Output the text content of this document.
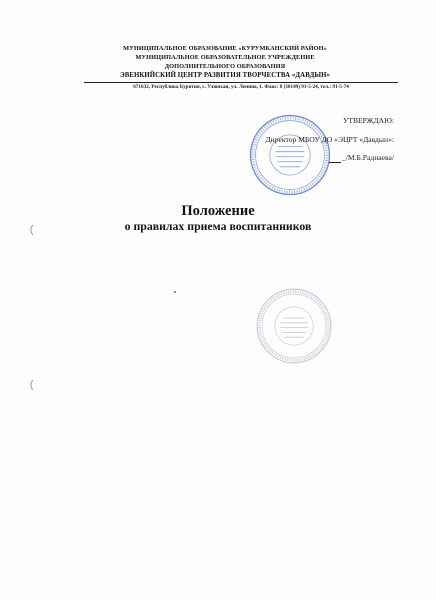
МУНИЦИПАЛЬНОЕ ОБРАЗОВАНИЕ «КУРУМКАНСКИЙ РАЙОН»
МУНИЦИПАЛЬНОЕ ОБРАЗОВАТЕЛЬНОЕ УЧРЕЖДЕНИЕ
ДОПОЛНИТЕЛЬНОГО ОБРАЗОВАНИЯ
ЭВЕНКИЙСКИЙ ЦЕНТР РАЗВИТИЯ ТВОРЧЕСТВА «ДАВДЫН»
671632, Республика Бурятия, с. Улюнхан, ул. Ленина, 1. Факс: 8 (30149) 91-5-24, тел.: 91-5-74
УТВЕРЖДАЮ:
Директор МБОУ ДО «ЭЦРТ «Давдын»:
_/М.Б.Раднаева/
Положение
о правилах приема воспитанников
